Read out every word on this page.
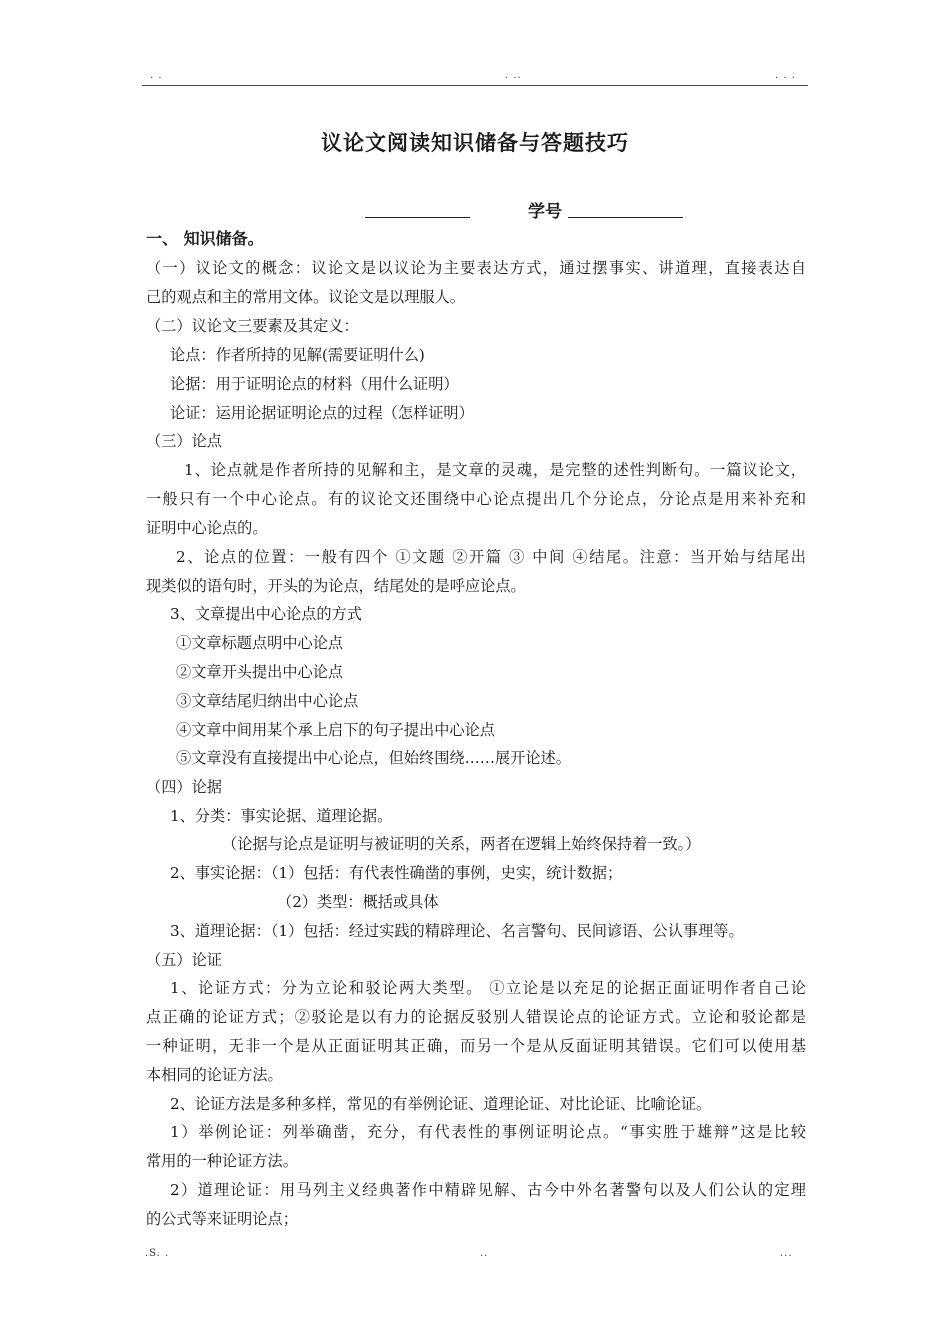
. .	. ..	. . .
议论文阅读知识储备与答题技巧
学号
一、 知识储备。
（一）议论文的概念：议论文是以议论为主要表达方式，通过摆事实、讲道理，直接表达自
己的观点和主的常用文体。议论文是以理服人。
（二）议论文三要素及其定义：
论点：作者所持的见解(需要证明什么)
论据：用于证明论点的材料（用什么证明）
论证：运用论据证明论点的过程（怎样证明）
（三）论点
1、论点就是作者所持的见解和主，是文章的灵魂，是完整的述性判断句。一篇议论文，
一般只有一个中心论点。有的议论文还围绕中心论点提出几个分论点，分论点是用来补充和
证明中心论点的。
2、论点的位置：一般有四个 ①文题 ②开篇 ③ 中间 ④结尾。注意：当开始与结尾出
现类似的语句时，开头的为论点，结尾处的是呼应论点。
3、文章提出中心论点的方式
①文章标题点明中心论点
②文章开头提出中心论点
③文章结尾归纳出中心论点
④文章中间用某个承上启下的句子提出中心论点
⑤文章没有直接提出中心论点，但始终围绕……展开论述。
（四）论据
1、分类：事实论据、道理论据。
（论据与论点是证明与被证明的关系，两者在逻辑上始终保持着一致。）
2、事实论据：（1）包括：有代表性确凿的事例，史实，统计数据；
（2）类型：概括或具体
3、道理论据：（1）包括：经过实践的精辟理论、名言警句、民间谚语、公认事理等。
（五）论证
1、论证方式：分为立论和驳论两大类型。 ①立论是以充足的论据正面证明作者自己论
点正确的论证方式；②驳论是以有力的论据反驳别人错误论点的论证方式。立论和驳论都是
一种证明，无非一个是从正面证明其正确，而另一个是从反面证明其错误。它们可以使用基
本相同的论证方法。
2、论证方法是多种多样，常见的有举例论证、道理论证、对比论证、比喻论证。
1）举例论证：列举确凿，充分，有代表性的事例证明论点。“事实胜于雄辩”这是比较
常用的一种论证方法。
2）道理论证：用马列主义经典著作中精辟见解、古今中外名著警句以及人们公认的定理
的公式等来证明论点；
.S. .	..	...
